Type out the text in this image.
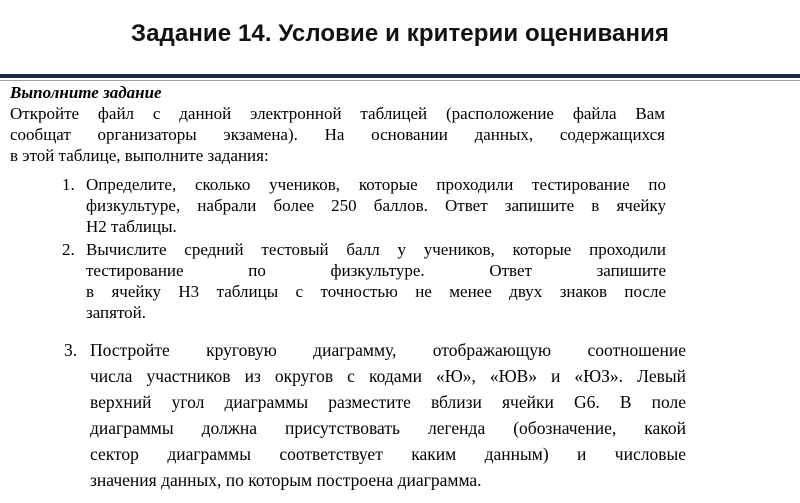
Задание 14. Условие и критерии оценивания
Выполните задание
Откройте файл с данной электронной таблицей (расположение файла Вам
сообщат организаторы экзамена). На основании данных, содержащихся
в этой таблице, выполните задания:
1. Определите, сколько учеников, которые проходили тестирование по
физкультуре, набрали более 250 баллов. Ответ запишите в ячейку
H2 таблицы.
2. Вычислите средний тестовый балл у учеников, которые проходили
тестирование по физкультуре. Ответ запишите
в ячейку H3 таблицы с точностью не менее двух знаков после
запятой.
3. Постройте круговую диаграмму, отображающую соотношение
числа участников из округов с кодами «Ю», «ЮВ» и «ЮЗ». Левый
верхний угол диаграммы разместите вблизи ячейки G6. В поле
диаграммы должна присутствовать легенда (обозначение, какой
сектор диаграммы соответствует каким данным) и числовые
значения данных, по которым построена диаграмма.
